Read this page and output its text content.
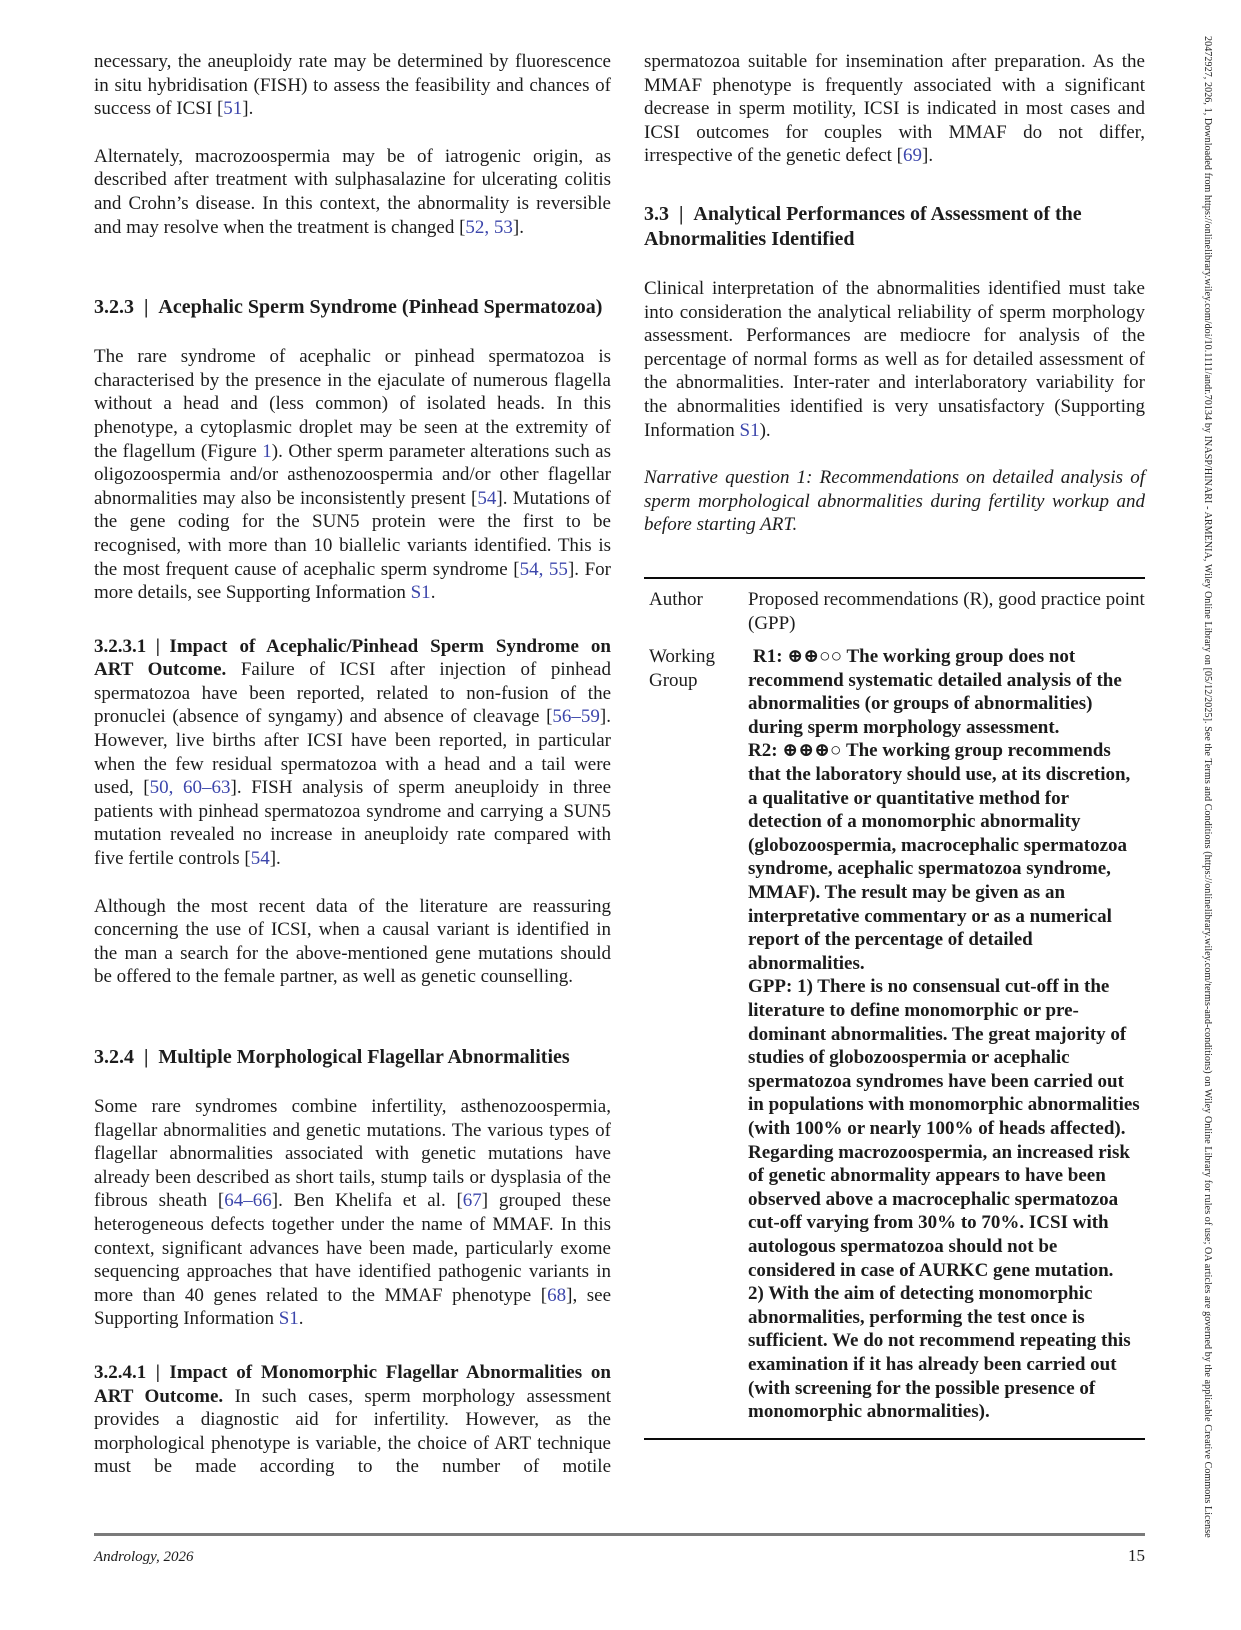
necessary, the aneuploidy rate may be determined by fluorescence in situ hybridisation (FISH) to assess the feasibility and chances of success of ICSI [51].

Alternately, macrozoospermia may be of iatrogenic origin, as described after treatment with sulphasalazine for ulcerating colitis and Crohn’s disease. In this context, the abnormality is reversible and may resolve when the treatment is changed [52, 53].

3.2.3 | Acephalic Sperm Syndrome (Pinhead Spermatozoa)

The rare syndrome of acephalic or pinhead spermatozoa is characterised by the presence in the ejaculate of numerous flagella without a head and (less common) of isolated heads. In this phenotype, a cytoplasmic droplet may be seen at the extremity of the flagellum (Figure 1). Other sperm parameter alterations such as oligozoospermia and/or asthenozoospermia and/or other flagellar abnormalities may also be inconsistently present [54]. Mutations of the gene coding for the SUN5 protein were the first to be recognised, with more than 10 biallelic variants identified. This is the most frequent cause of acephalic sperm syndrome [54, 55]. For more details, see Supporting Information S1.

3.2.3.1 | Impact of Acephalic/Pinhead Sperm Syndrome on ART Outcome. Failure of ICSI after injection of pinhead spermatozoa have been reported, related to non-fusion of the pronuclei (absence of syngamy) and absence of cleavage [56–59]. However, live births after ICSI have been reported, in particular when the few residual spermatozoa with a head and a tail were used, [50, 60–63]. FISH analysis of sperm aneuploidy in three patients with pinhead spermatozoa syndrome and carrying a SUN5 mutation revealed no increase in aneuploidy rate compared with five fertile controls [54].

Although the most recent data of the literature are reassuring concerning the use of ICSI, when a causal variant is identified in the man a search for the above-mentioned gene mutations should be offered to the female partner, as well as genetic counselling.

3.2.4 | Multiple Morphological Flagellar Abnormalities

Some rare syndromes combine infertility, asthenozoospermia, flagellar abnormalities and genetic mutations. The various types of flagellar abnormalities associated with genetic mutations have already been described as short tails, stump tails or dysplasia of the fibrous sheath [64–66]. Ben Khelifa et al. [67] grouped these heterogeneous defects together under the name of MMAF. In this context, significant advances have been made, particularly exome sequencing approaches that have identified pathogenic variants in more than 40 genes related to the MMAF phenotype [68], see Supporting Information S1.

3.2.4.1 | Impact of Monomorphic Flagellar Abnormalities on ART Outcome. In such cases, sperm morphology assessment provides a diagnostic aid for infertility. However, as the morphological phenotype is variable, the choice of ART technique must be made according to the number of motile

spermatozoa suitable for insemination after preparation. As the MMAF phenotype is frequently associated with a significant decrease in sperm motility, ICSI is indicated in most cases and ICSI outcomes for couples with MMAF do not differ, irrespective of the genetic defect [69].

3.3 | Analytical Performances of Assessment of the Abnormalities Identified

Clinical interpretation of the abnormalities identified must take into consideration the analytical reliability of sperm morphology assessment. Performances are mediocre for analysis of the percentage of normal forms as well as for detailed assessment of the abnormalities. Inter-rater and interlaboratory variability for the abnormalities identified is very unsatisfactory (Supporting Information S1).

Narrative question 1: Recommendations on detailed analysis of sperm morphological abnormalities during fertility workup and before starting ART.

Author	Proposed recommendations (R), good practice point (GPP)
Working Group

R1: ⊕⊕○○ The working group does not recommend systematic detailed analysis of the abnormalities (or groups of abnormalities) during sperm morphology assessment.

R2: ⊕⊕⊕○ The working group recommends that the laboratory should use, at its discretion, a qualitative or quantitative method for detection of a monomorphic abnormality (globozoospermia, macrocephalic spermatozoa syndrome, acephalic spermatozoa syndrome, MMAF). The result may be given as an interpretative commentary or as a numerical report of the percentage of detailed abnormalities.

GPP: 1) There is no consensual cut-off in the literature to define monomorphic or pre-dominant abnormalities. The great majority of studies of globozoospermia or acephalic spermatozoa syndromes have been carried out in populations with monomorphic abnormalities (with 100% or nearly 100% of heads affected). Regarding macrozoospermia, an increased risk of genetic abnormality appears to have been observed above a macrocephalic spermatozoa cut-off varying from 30% to 70%. ICSI with autologous spermatozoa should not be considered in case of AURKC gene mutation.

2) With the aim of detecting monomorphic abnormalities, performing the test once is sufficient. We do not recommend repeating this examination if it has already been carried out (with screening for the possible presence of monomorphic abnormalities).

Andrology, 2026	15
20472927, 2026, 1, Downloaded from https://onlinelibrary.wiley.com/doi/10.1111/andr.70134 by INASP/HINARI - ARMENIA, Wiley Online Library on [05/12/2025]. See the Terms and Conditions (https://onlinelibrary.wiley.com/terms-and-conditions) on Wiley Online Library for rules of use; OA articles are governed by the applicable Creative Commons License
